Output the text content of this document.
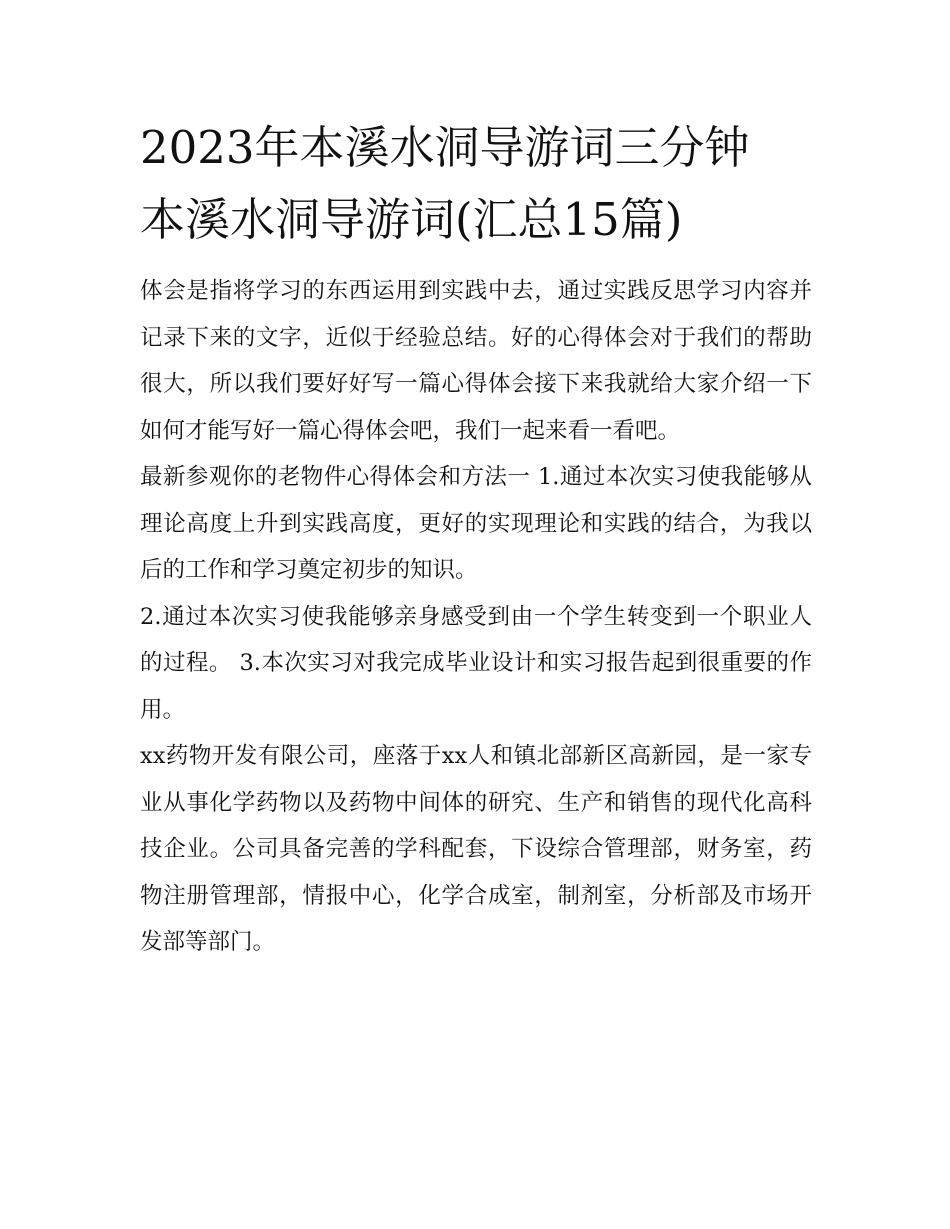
2023年本溪水洞导游词三分钟
本溪水洞导游词(汇总15篇)

体会是指将学习的东西运用到实践中去，通过实践反思学习内容并记录下来的文字，近似于经验总结。好的心得体会对于我们的帮助很大，所以我们要好好写一篇心得体会接下来我就给大家介绍一下如何才能写好一篇心得体会吧，我们一起来看一看吧。

最新参观你的老物件心得体会和方法一 1.通过本次实习使我能够从理论高度上升到实践高度，更好的实现理论和实践的结合，为我以后的工作和学习奠定初步的知识。

2.通过本次实习使我能够亲身感受到由一个学生转变到一个职业人的过程。 3.本次实习对我完成毕业设计和实习报告起到很重要的作用。

xx药物开发有限公司，座落于xx人和镇北部新区高新园，是一家专业从事化学药物以及药物中间体的研究、生产和销售的现代化高科技企业。公司具备完善的学科配套，下设综合管理部，财务室，药物注册管理部，情报中心，化学合成室，制剂室，分析部及市场开发部等部门。
